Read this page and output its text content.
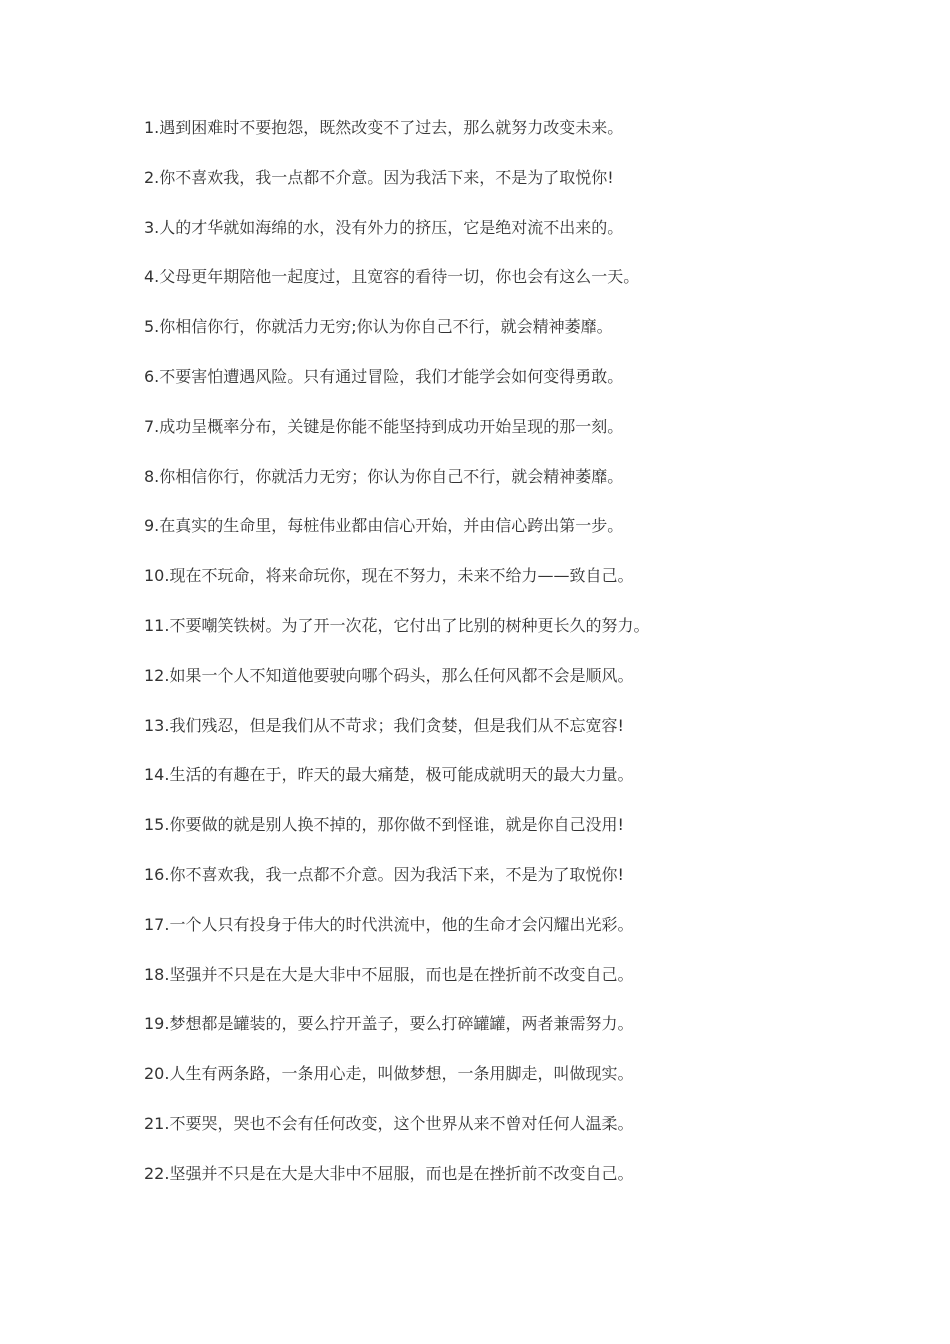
1.遇到困难时不要抱怨，既然改变不了过去，那么就努力改变未来。
2.你不喜欢我，我一点都不介意。因为我活下来，不是为了取悦你!
3.人的才华就如海绵的水，没有外力的挤压，它是绝对流不出来的。
4.父母更年期陪他一起度过，且宽容的看待一切，你也会有这么一天。
5.你相信你行，你就活力无穷;你认为你自己不行，就会精神萎靡。
6.不要害怕遭遇风险。只有通过冒险，我们才能学会如何变得勇敢。
7.成功呈概率分布，关键是你能不能坚持到成功开始呈现的那一刻。
8.你相信你行，你就活力无穷；你认为你自己不行，就会精神萎靡。
9.在真实的生命里，每桩伟业都由信心开始，并由信心跨出第一步。
10.现在不玩命，将来命玩你，现在不努力，未来不给力——致自己。
11.不要嘲笑铁树。为了开一次花，它付出了比别的树种更长久的努力。
12.如果一个人不知道他要驶向哪个码头，那么任何风都不会是顺风。
13.我们残忍，但是我们从不苛求；我们贪婪，但是我们从不忘宽容!
14.生活的有趣在于，昨天的最大痛楚，极可能成就明天的最大力量。
15.你要做的就是别人换不掉的，那你做不到怪谁，就是你自己没用!
16.你不喜欢我，我一点都不介意。因为我活下来，不是为了取悦你!
17.一个人只有投身于伟大的时代洪流中，他的生命才会闪耀出光彩。
18.坚强并不只是在大是大非中不屈服，而也是在挫折前不改变自己。
19.梦想都是罐装的，要么拧开盖子，要么打碎罐罐，两者兼需努力。
20.人生有两条路，一条用心走，叫做梦想，一条用脚走，叫做现实。
21.不要哭，哭也不会有任何改变，这个世界从来不曾对任何人温柔。
22.坚强并不只是在大是大非中不屈服，而也是在挫折前不改变自己。
